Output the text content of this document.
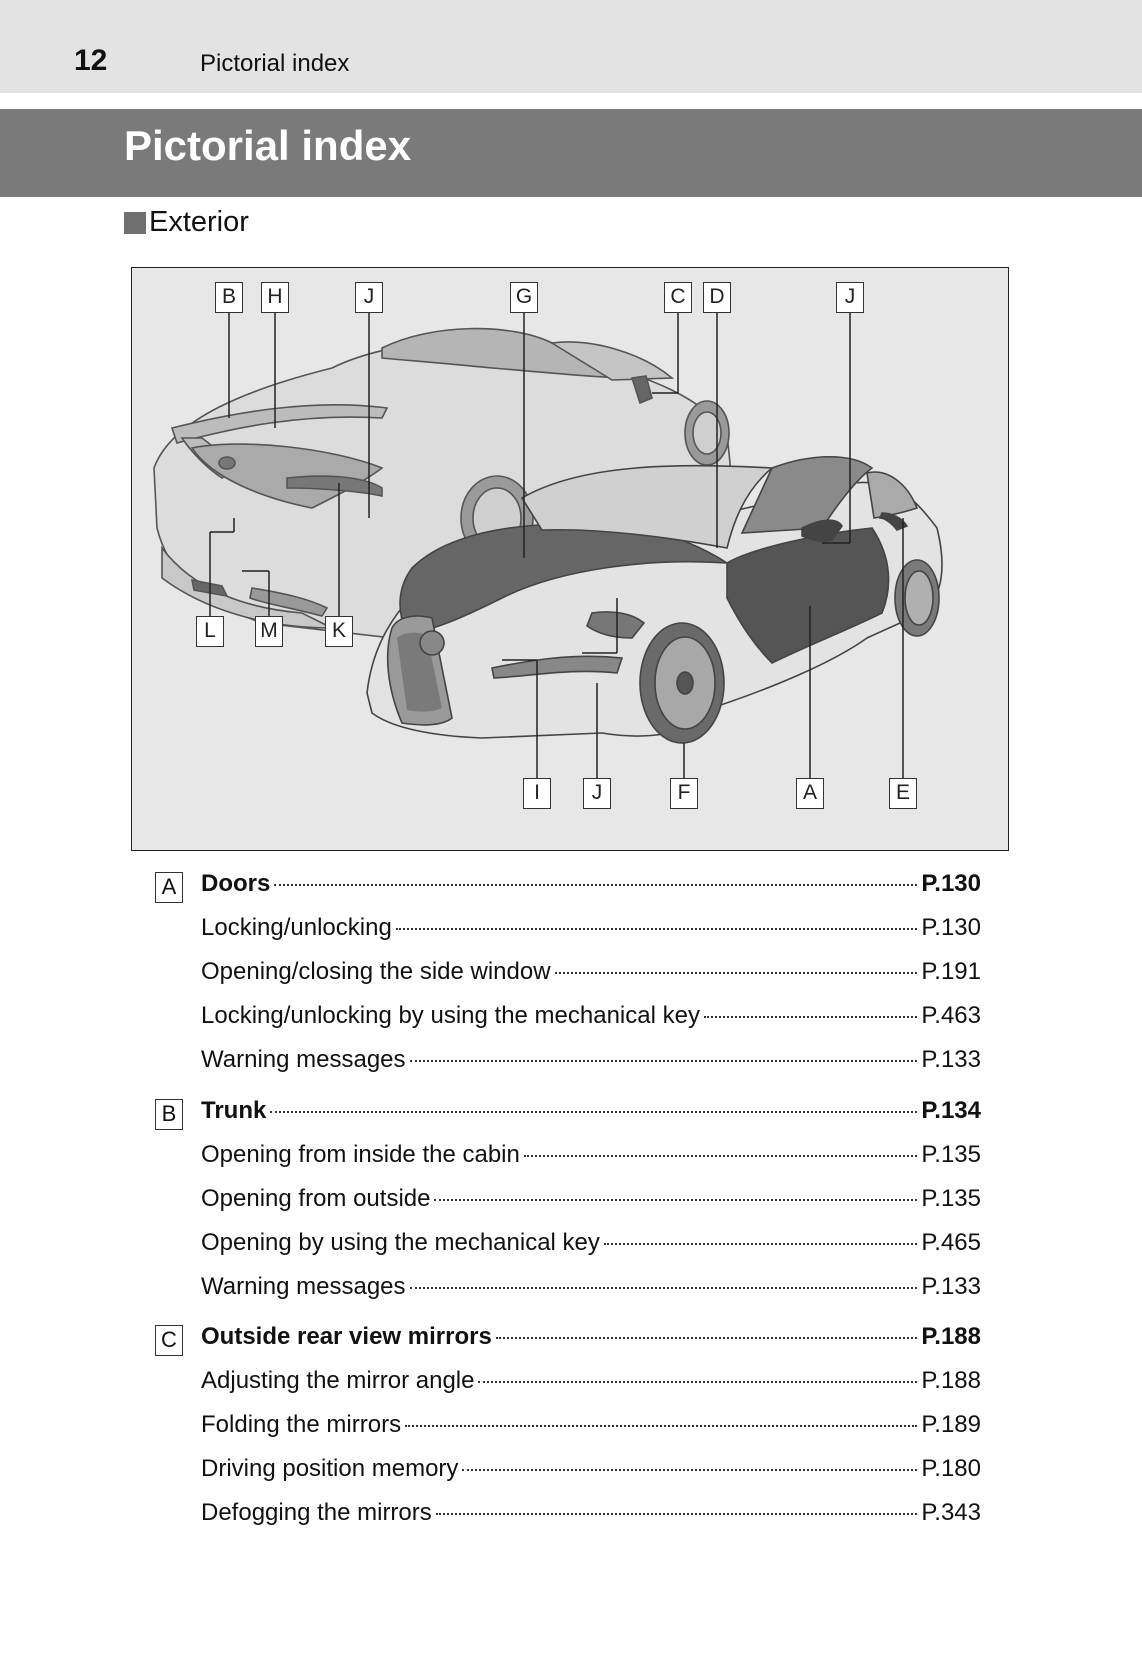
12	Pictorial index
Pictorial index
Exterior
B	H	J	G	C	D	J
L	M	K
I	J	F	A	E
A Doors	P.130
Locking/unlocking	P.130
Opening/closing the side window	P.191
Locking/unlocking by using the mechanical key	P.463
Warning messages	P.133
B Trunk	P.134
Opening from inside the cabin	P.135
Opening from outside	P.135
Opening by using the mechanical key	P.465
Warning messages	P.133
C Outside rear view mirrors	P.188
Adjusting the mirror angle	P.188
Folding the mirrors	P.189
Driving position memory	P.180
Defogging the mirrors	P.343
